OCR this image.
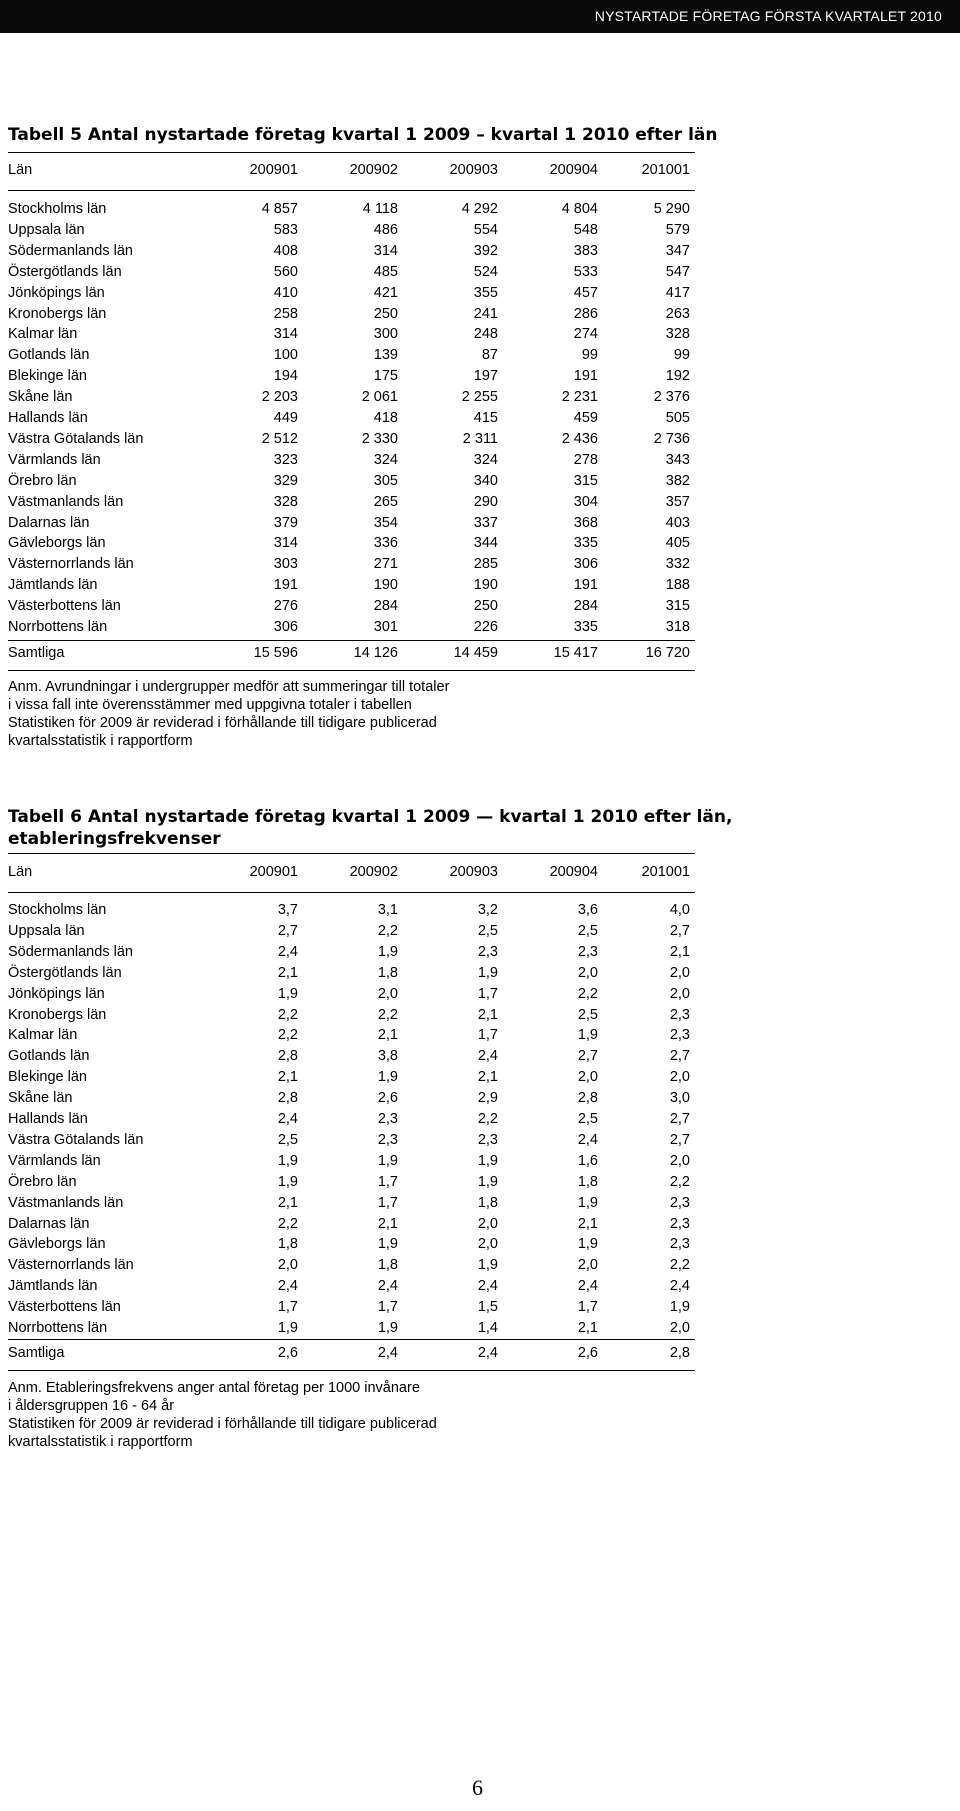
NYSTARTADE FÖRETAG FÖRSTA KVARTALET 2010
Tabell 5 Antal nystartade företag kvartal 1 2009 – kvartal 1 2010 efter län
Län	200901	200902	200903	200904	201001
Stockholms län	4 857	4 118	4 292	4 804	5 290
Uppsala län	583	486	554	548	579
Södermanlands län	408	314	392	383	347
Östergötlands län	560	485	524	533	547
Jönköpings län	410	421	355	457	417
Kronobergs län	258	250	241	286	263
Kalmar län	314	300	248	274	328
Gotlands län	100	139	87	99	99
Blekinge län	194	175	197	191	192
Skåne län	2 203	2 061	2 255	2 231	2 376
Hallands län	449	418	415	459	505
Västra Götalands län	2 512	2 330	2 311	2 436	2 736
Värmlands län	323	324	324	278	343
Örebro län	329	305	340	315	382
Västmanlands län	328	265	290	304	357
Dalarnas län	379	354	337	368	403
Gävleborgs län	314	336	344	335	405
Västernorrlands län	303	271	285	306	332
Jämtlands län	191	190	190	191	188
Västerbottens län	276	284	250	284	315
Norrbottens län	306	301	226	335	318
Samtliga	15 596	14 126	14 459	15 417	16 720
Anm. Avrundningar i undergrupper medför att summeringar till totaler
i vissa fall inte överensstämmer med uppgivna totaler i tabellen
Statistiken för 2009 är reviderad i förhållande till tidigare publicerad
kvartalsstatistik i rapportform
Tabell 6 Antal nystartade företag kvartal 1 2009 — kvartal 1 2010 efter län,
etableringsfrekvenser
Län	200901	200902	200903	200904	201001
Stockholms län	3,7	3,1	3,2	3,6	4,0
Uppsala län	2,7	2,2	2,5	2,5	2,7
Södermanlands län	2,4	1,9	2,3	2,3	2,1
Östergötlands län	2,1	1,8	1,9	2,0	2,0
Jönköpings län	1,9	2,0	1,7	2,2	2,0
Kronobergs län	2,2	2,2	2,1	2,5	2,3
Kalmar län	2,2	2,1	1,7	1,9	2,3
Gotlands län	2,8	3,8	2,4	2,7	2,7
Blekinge län	2,1	1,9	2,1	2,0	2,0
Skåne län	2,8	2,6	2,9	2,8	3,0
Hallands län	2,4	2,3	2,2	2,5	2,7
Västra Götalands län	2,5	2,3	2,3	2,4	2,7
Värmlands län	1,9	1,9	1,9	1,6	2,0
Örebro län	1,9	1,7	1,9	1,8	2,2
Västmanlands län	2,1	1,7	1,8	1,9	2,3
Dalarnas län	2,2	2,1	2,0	2,1	2,3
Gävleborgs län	1,8	1,9	2,0	1,9	2,3
Västernorrlands län	2,0	1,8	1,9	2,0	2,2
Jämtlands län	2,4	2,4	2,4	2,4	2,4
Västerbottens län	1,7	1,7	1,5	1,7	1,9
Norrbottens län	1,9	1,9	1,4	2,1	2,0
Samtliga	2,6	2,4	2,4	2,6	2,8
Anm. Etableringsfrekvens anger antal företag per 1000 invånare
i åldersgruppen 16 - 64 år
Statistiken för 2009 är reviderad i förhållande till tidigare publicerad
kvartalsstatistik i rapportform
6
